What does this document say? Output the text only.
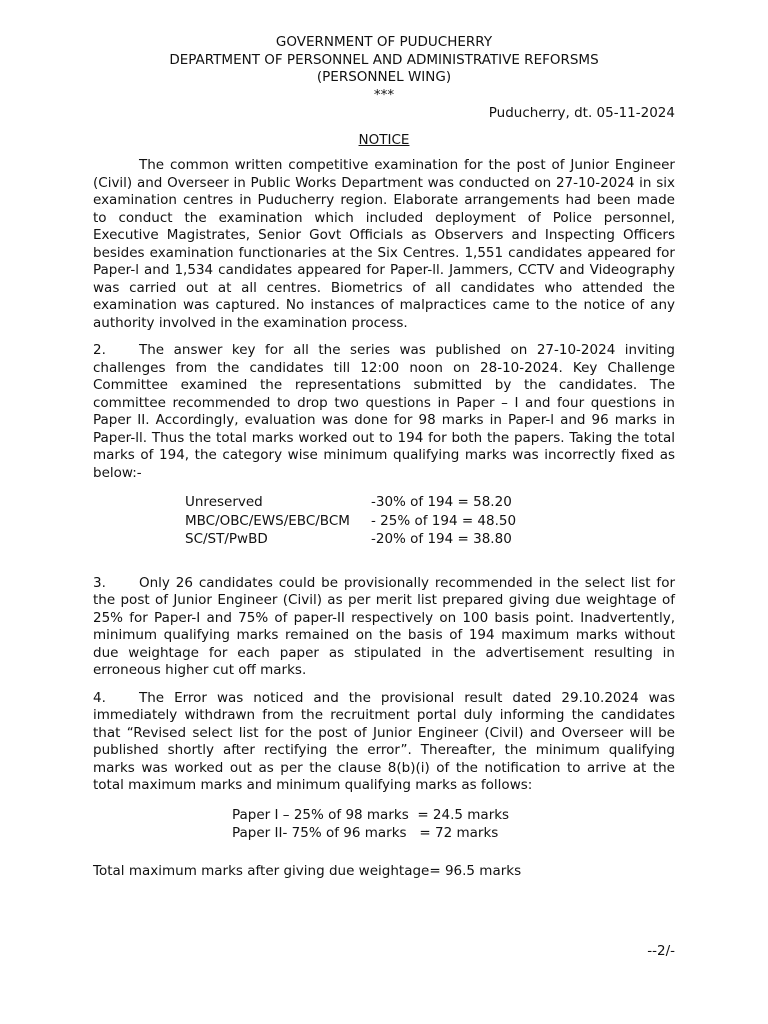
GOVERNMENT OF PUDUCHERRY
DEPARTMENT OF PERSONNEL AND ADMINISTRATIVE REFORSMS
(PERSONNEL WING)
***
Puducherry, dt. 05-11-2024
NOTICE

The common written competitive examination for the post of Junior Engineer (Civil) and Overseer in Public Works Department was conducted on 27-10-2024 in six examination centres in Puducherry region. Elaborate arrangements had been made to conduct the examination which included deployment of Police personnel, Executive Magistrates, Senior Govt Officials as Observers and Inspecting Officers besides examination functionaries at the Six Centres. 1,551 candidates appeared for Paper-l and 1,534 candidates appeared for Paper-ll. Jammers, CCTV and Videography was carried out at all centres. Biometrics of all candidates who attended the examination was captured. No instances of malpractices came to the notice of any authority involved in the examination process.

2. The answer key for all the series was published on 27-10-2024 inviting challenges from the candidates till 12:00 noon on 28-10-2024. Key Challenge Committee examined the representations submitted by the candidates. The committee recommended to drop two questions in Paper – I and four questions in Paper II. Accordingly, evaluation was done for 98 marks in Paper-l and 96 marks in Paper-ll. Thus the total marks worked out to 194 for both the papers. Taking the total marks of 194, the category wise minimum qualifying marks was incorrectly fixed as below:-

Unreserved	-30% of 194 = 58.20
MBC/OBC/EWS/EBC/BCM	- 25% of 194 = 48.50
SC/ST/PwBD	-20% of 194 = 38.80

3. Only 26 candidates could be provisionally recommended in the select list for the post of Junior Engineer (Civil) as per merit list prepared giving due weightage of 25% for Paper-I and 75% of paper-II respectively on 100 basis point. Inadvertently, minimum qualifying marks remained on the basis of 194 maximum marks without due weightage for each paper as stipulated in the advertisement resulting in erroneous higher cut off marks.

4. The Error was noticed and the provisional result dated 29.10.2024 was immediately withdrawn from the recruitment portal duly informing the candidates that “Revised select list for the post of Junior Engineer (Civil) and Overseer will be published shortly after rectifying the error”. Thereafter, the minimum qualifying marks was worked out as per the clause 8(b)(i) of the notification to arrive at the total maximum marks and minimum qualifying marks as follows:

Paper I – 25% of 98 marks  = 24.5 marks
Paper II- 75% of 96 marks   = 72 marks
Total maximum marks after giving due weightage= 96.5 marks
--2/-
